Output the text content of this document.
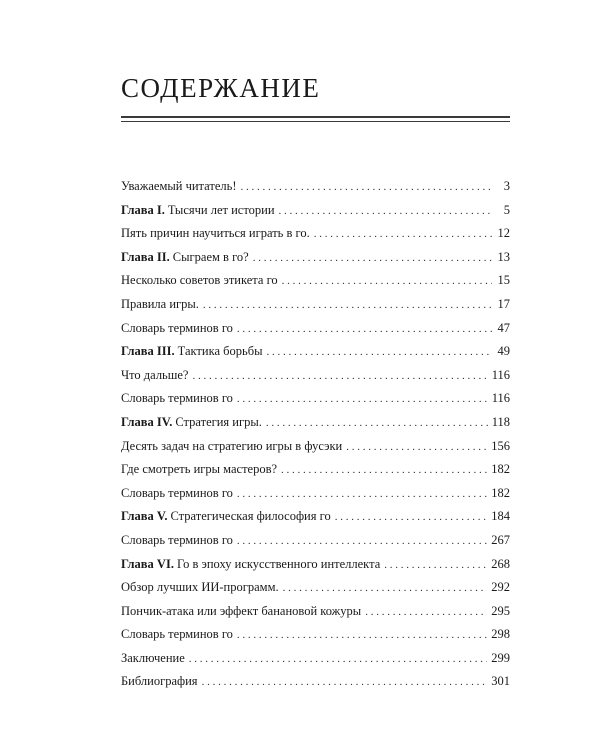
СОДЕРЖАНИЕ
Уважаемый читатель! . . .	3
Глава I. Тысячи лет истории . . .	5
Пять причин научиться играть в го. . . .	12
Глава II. Сыграем в го? . . .	13
Несколько советов этикета го . . .	15
Правила игры. . . .	17
Словарь терминов го . . .	47
Глава III. Тактика борьбы . . .	49
Что дальше? . . .	116
Словарь терминов го . . .	116
Глава IV. Стратегия игры. . . .	118
Десять задач на стратегию игры в фусэки . . .	156
Где смотреть игры мастеров? . . .	182
Словарь терминов го . . .	182
Глава V. Стратегическая философия го . . .	184
Словарь терминов го . . .	267
Глава VI. Го в эпоху искусственного интеллекта . . .	268
Обзор лучших ИИ-программ. . . .	292
Пончик-атака или эффект банановой кожуры . . .	295
Словарь терминов го . . .	298
Заключение . . .	299
Библиография . . .	301
